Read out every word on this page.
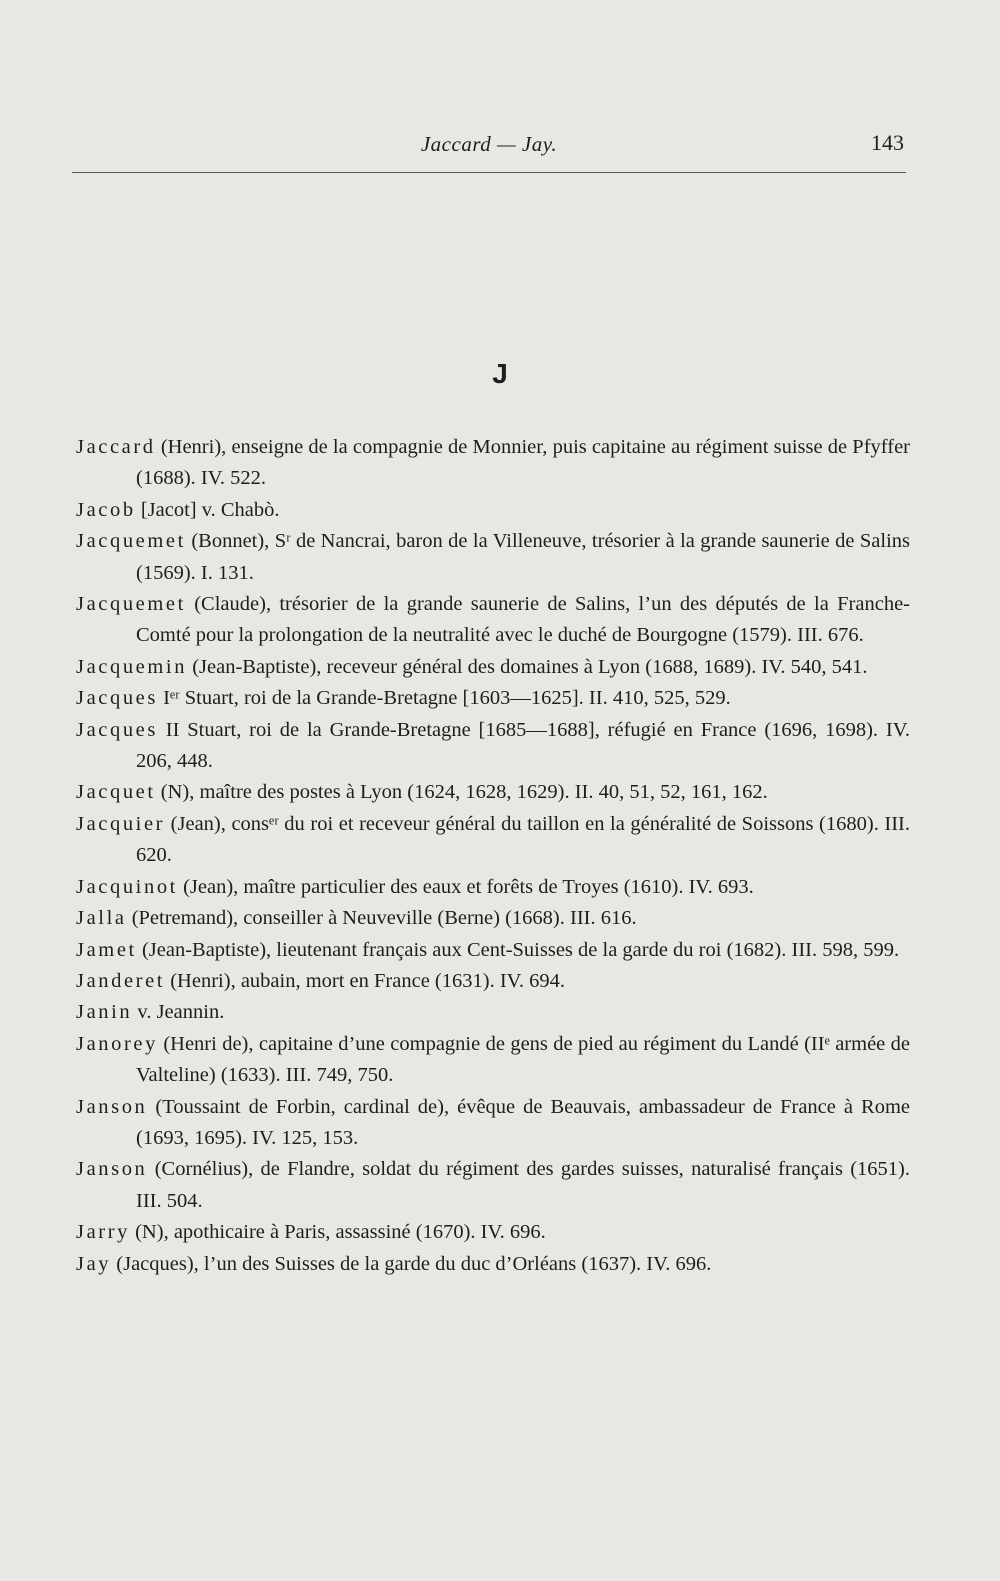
Jaccard — Jay.	143
J
Jaccard (Henri), enseigne de la compagnie de Monnier, puis capitaine au régiment suisse de Pfyffer (1688). IV. 522.
Jacob [Jacot] v. Chabò.
Jacquemet (Bonnet), Sʳ de Nancrai, baron de la Villeneuve, trésorier à la grande saunerie de Salins (1569). I. 131.
Jacquemet (Claude), trésorier de la grande saunerie de Salins, l’un des députés de la Franche-Comté pour la prolongation de la neutralité avec le duché de Bourgogne (1579). III. 676.
Jacquemin (Jean-Baptiste), receveur général des domaines à Lyon (1688, 1689). IV. 540, 541.
Jacques Iᵉʳ Stuart, roi de la Grande-Bretagne [1603—1625]. II. 410, 525, 529.
Jacques II Stuart, roi de la Grande-Bretagne [1685—1688], réfugié en France (1696, 1698). IV. 206, 448.
Jacquet (N), maître des postes à Lyon (1624, 1628, 1629). II. 40, 51, 52, 161, 162.
Jacquier (Jean), consᵉʳ du roi et receveur général du taillon en la généralité de Soissons (1680). III. 620.
Jacquinot (Jean), maître particulier des eaux et forêts de Troyes (1610). IV. 693.
Jalla (Petremand), conseiller à Neuveville (Berne) (1668). III. 616.
Jamet (Jean-Baptiste), lieutenant français aux Cent-Suisses de la garde du roi (1682). III. 598, 599.
Janderet (Henri), aubain, mort en France (1631). IV. 694.
Janin v. Jeannin.
Janorey (Henri de), capitaine d’une compagnie de gens de pied au régiment du Landé (IIᵉ armée de Valteline) (1633). III. 749, 750.
Janson (Toussaint de Forbin, cardinal de), évêque de Beauvais, ambassadeur de France à Rome (1693, 1695). IV. 125, 153.
Janson (Cornélius), de Flandre, soldat du régiment des gardes suisses, naturalisé français (1651). III. 504.
Jarry (N), apothicaire à Paris, assassiné (1670). IV. 696.
Jay (Jacques), l’un des Suisses de la garde du duc d’Orléans (1637). IV. 696.
